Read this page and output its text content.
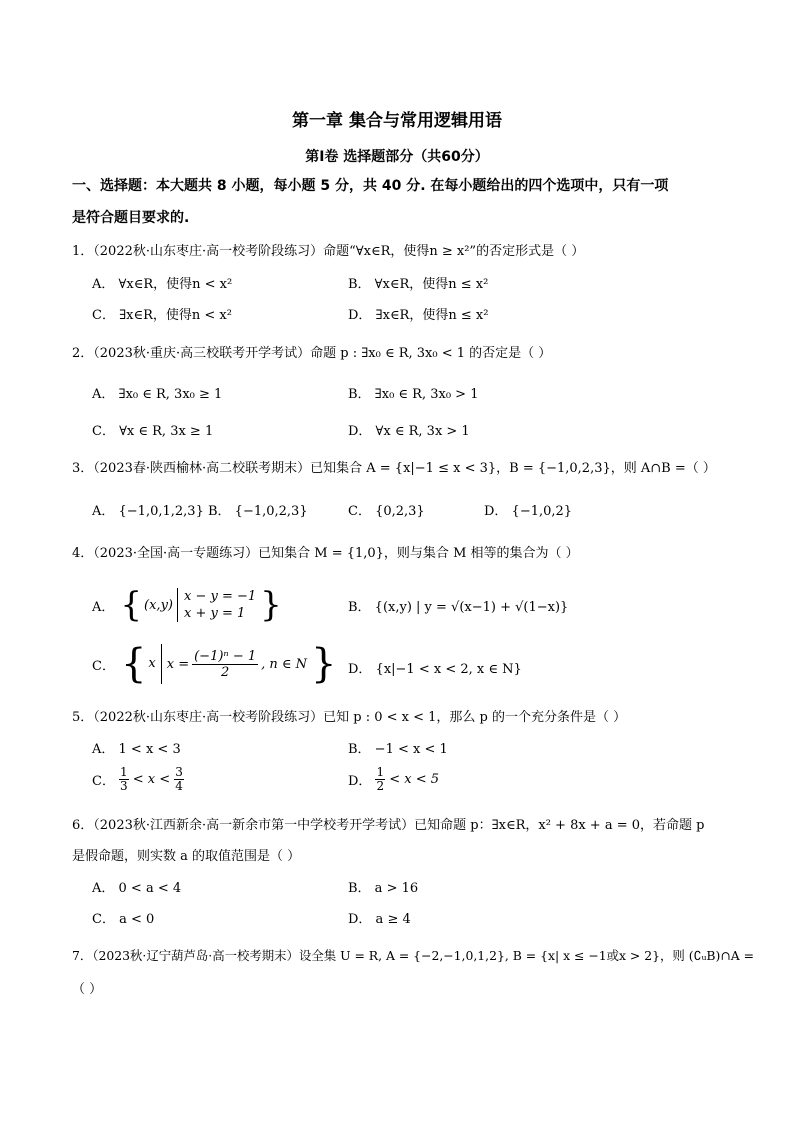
第一章 集合与常用逻辑用语
第Ⅰ卷 选择题部分（共60分）
一、选择题：本大题共 8 小题，每小题 5 分，共 40 分. 在每小题给出的四个选项中，只有一项
是符合题目要求的.
1．（2022秋·山东枣庄·高一校考阶段练习）命题“∀x∈R，使得n ≥ x²”的否定形式是（ ）
A． ∀x∈R，使得n < x²	B． ∀x∈R，使得n ≤ x²
C． ∃x∈R，使得n < x²	D． ∃x∈R，使得n ≤ x²
2．（2023秋·重庆·高三校联考开学考试）命题 p : ∃x₀ ∈ R, 3x₀ < 1 的否定是（ ）
A． ∃x₀ ∈ R, 3x₀ ≥ 1	B． ∃x₀ ∈ R, 3x₀ > 1
C． ∀x ∈ R, 3x ≥ 1	D． ∀x ∈ R, 3x > 1
3．（2023春·陕西榆林·高二校联考期末）已知集合 A = {x|−1 ≤ x < 3}，B = {−1,0,2,3}，则 A∩B =（ ）
A． {−1,0,1,2,3} B． {−1,0,2,3}	C． {0,2,3}	D． {−1,0,2}
4．（2023·全国·高一专题练习）已知集合 M = {1,0}，则与集合 M 相等的集合为（ ）
A． { (x,y)
x − y = −1
x + y = 1 }	B． {(x,y) | y = √(x−1) + √(1−x)}
C． { x $x = \frac{\text{(−1)ⁿ − 1}}{2}$ , n ∈ N } D． {x|−1 < x < 2, x ∈ N}
5．（2022秋·山东枣庄·高一校考阶段练习）已知 p : 0 < x < 1，那么 p 的一个充分条件是（ ）
A． 1 < x < 3	B． −1 < x < 1
C．
1
3 < x < 3
4	D．
1
2 < x < 5
6．（2023秋·江西新余·高一新余市第一中学校考开学考试）已知命题 p：∃x∈R，x² + 8x + a = 0，若命题 p
是假命题，则实数 a 的取值范围是（ ）
A． 0 < a < 4	B． a > 16
C． a < 0	D． a ≥ 4
7．（2023秋·辽宁葫芦岛·高一校考期末）设全集 U = R, A = {−2,−1,0,1,2}, B = {x| x ≤ −1或x > 2}，则 (∁ᵤB)∩A =
（ ）
